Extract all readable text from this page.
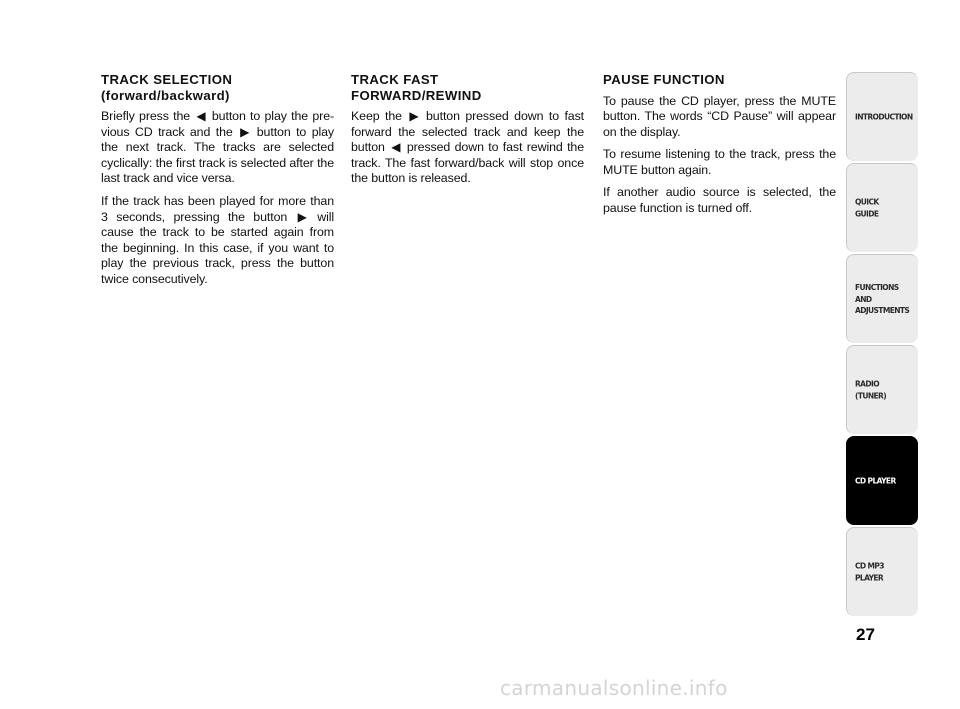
TRACK SELECTION
(forward/backward)

Briefly press the ◀ button to play the pre-vious CD track and the ▶ button to play the next track. The tracks are selected cyclically: the first track is selected after the last track and vice versa.

If the track has been played for more than 3 seconds, pressing the button ▶ will cause the track to be started again from the beginning. In this case, if you want to play the previous track, press the button twice consecutively.

TRACK FAST
FORWARD/REWIND

Keep the ▶ button pressed down to fast forward the selected track and keep the button ◀ pressed down to fast rewind the track. The fast forward/back will stop once the button is released.

PAUSE FUNCTION

To pause the CD player, press the MUTE button. The words “CD Pause” will appear on the display.

To resume listening to the track, press the MUTE button again.

If another audio source is selected, the pause function is turned off.

INTRODUCTION
QUICK
GUIDE
FUNCTIONS
AND
ADJUSTMENTS
RADIO
(TUNER)
CD PLAYER
CD MP3
PLAYER
27
carmanualsonline.info
